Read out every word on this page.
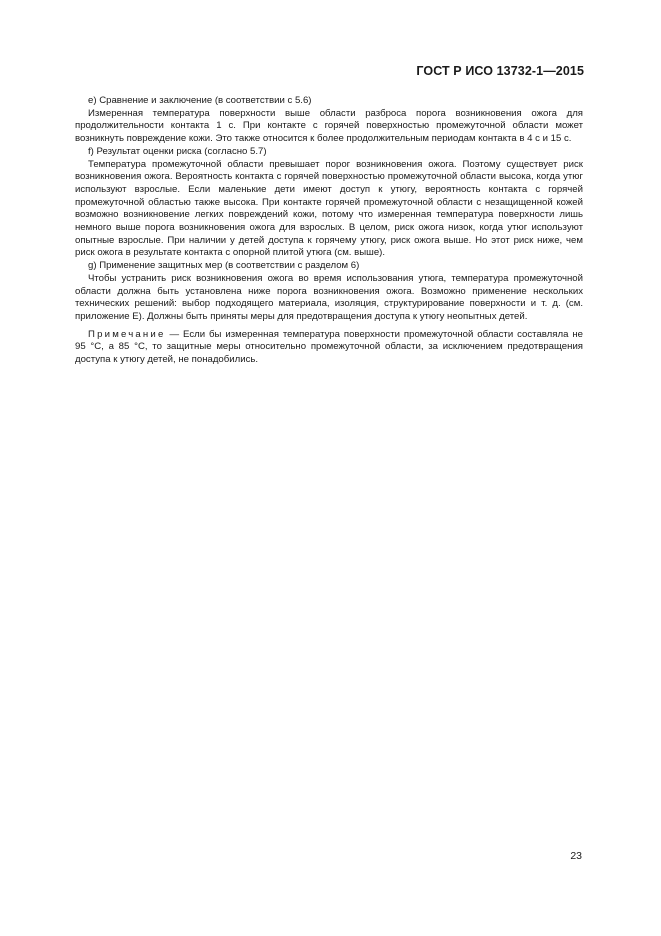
ГОСТ Р ИСО 13732-1—2015

e) Сравнение и заключение (в соответствии с 5.6)

Измеренная температура поверхности выше области разброса порога возникновения ожога для продолжительности контакта 1 с. При контакте с горячей поверхностью промежуточной области может возникнуть повреждение кожи. Это также относится к более продолжительным периодам контакта в 4 с и 15 с.

f) Результат оценки риска (согласно 5.7)

Температура промежуточной области превышает порог возникновения ожога. Поэтому существует риск возникновения ожога. Вероятность контакта с горячей поверхностью промежуточной области высока, когда утюг используют взрослые. Если маленькие дети имеют доступ к утюгу, вероятность контакта с горячей промежуточной областью также высока. При контакте горячей промежуточной области с незащищенной кожей возможно возникновение легких повреждений кожи, потому что измеренная температура поверхности лишь немного выше порога возникновения ожога для взрослых. В целом, риск ожога низок, когда утюг используют опытные взрослые. При наличии у детей доступа к горячему утюгу, риск ожога выше. Но этот риск ниже, чем риск ожога в результате контакта с опорной плитой утюга (см. выше).

g) Применение защитных мер (в соответствии с разделом 6)

Чтобы устранить риск возникновения ожога во время использования утюга, температура промежуточной области должна быть установлена ниже порога возникновения ожога. Возможно применение нескольких технических решений: выбор подходящего материала, изоляция, структурирование поверхности и т. д. (см. приложение Е). Должны быть приняты меры для предотвращения доступа к утюгу неопытных детей.

Примечание — Если бы измеренная температура поверхности промежуточной области составляла не 95 °С, а 85 °С, то защитные меры относительно промежуточной области, за исключением предотвращения доступа к утюгу детей, не понадобились.

23
